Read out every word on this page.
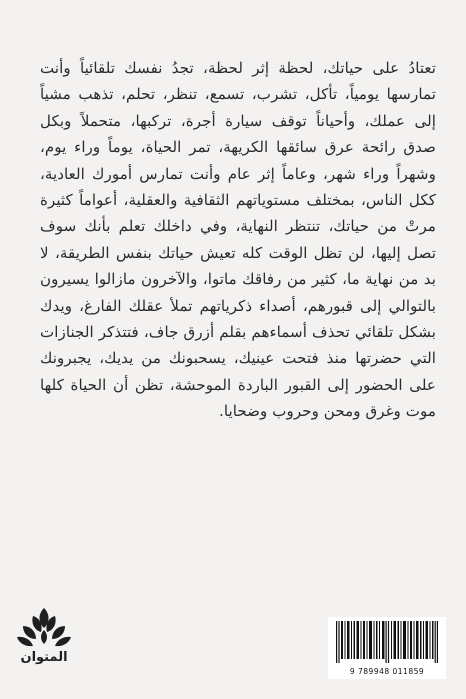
تعتادُ على حياتك، لحظة إثر لحظة، تجدُ نفسك تلقائياً وأنت تمارسها يومياً، تأكل، تشرب، تسمع، تنظر، تحلم، تذهب مشياً إلى عملك، وأحياناً توقف سيارة أجرة، تركبها، متحملاً وبكل صدق رائحة عرق سائقها الكريهة، تمر الحياة، يوماً وراء يوم، وشهراً وراء شهر، وعاماً إثر عام وأنت تمارس أمورك العادية، ككل الناس، بمختلف مستوياتهم الثقافية والعقلية، أعواماً كثيرة مرتْ من حياتك، تنتظر النهاية، وفي داخلك تعلم بأنك سوف تصل إليها، لن تظل الوقت كله تعيش حياتك بنفس الطريقة، لا بد من نهاية ما، كثير من رفاقك ماتوا، والآخرون مازالوا يسيرون بالتوالي إلى قبورهم، أصداء ذكرياتهم تملأ عقلك الفارغ، ويدك بشكل تلقائي تحذف أسماءهم بقلم أزرق جاف، فتتذكر الجنازات التي حضرتها منذ فتحت عينيك، يسحبونك من يديك، يجبرونك على الحضور إلى القبور الباردة الموحشة، تظن أن الحياة كلها موت وغرق ومحن وحروب وضحايا.

المتوان
9 789948 011859
